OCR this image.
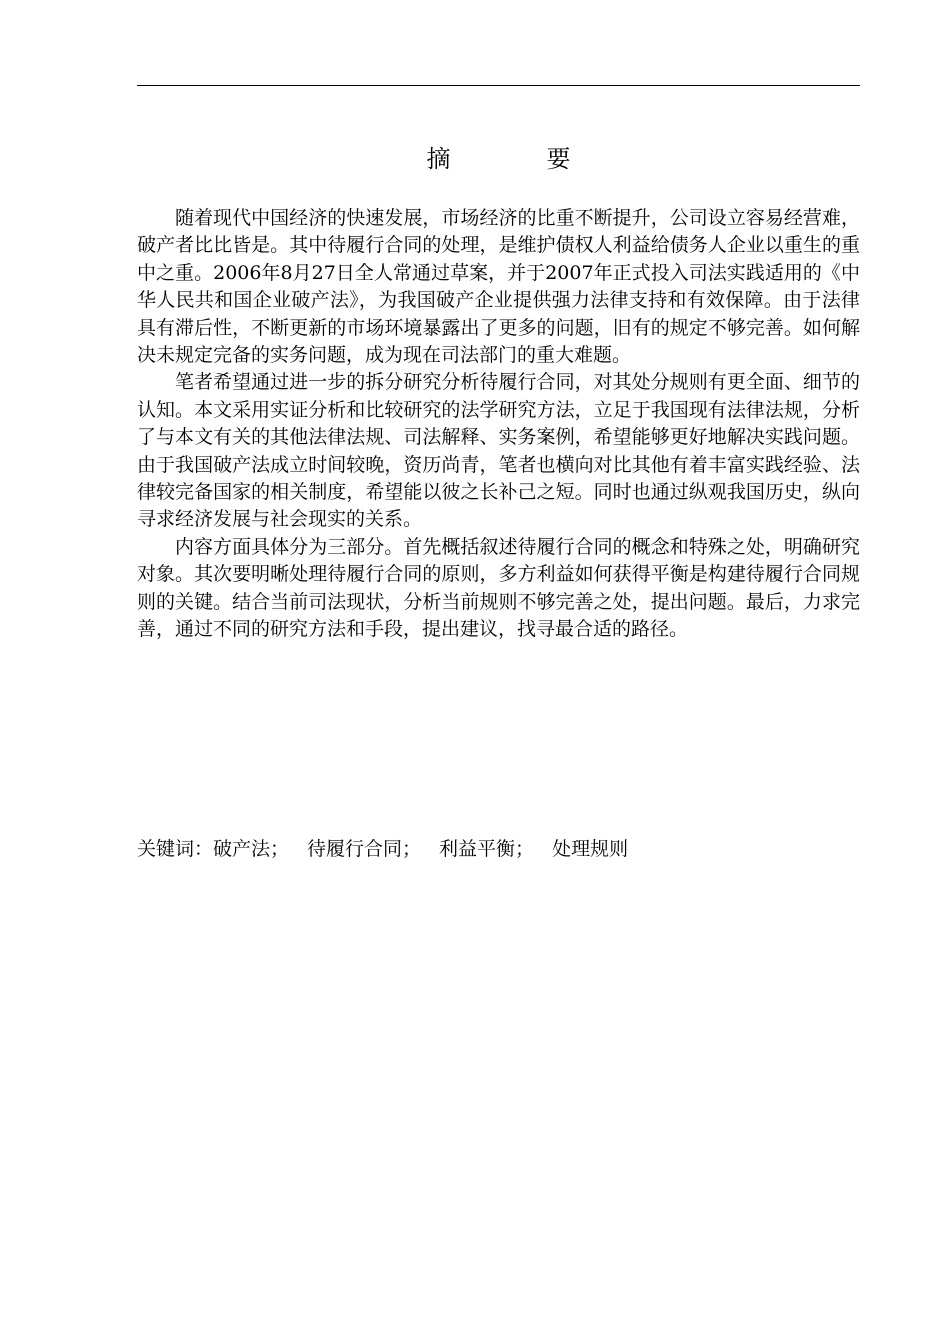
摘　要

随着现代中国经济的快速发展，市场经济的比重不断提升，公司设立容易经营难，破产者比比皆是。其中待履行合同的处理，是维护债权人利益给债务人企业以重生的重中之重。2006年8月27日全人常通过草案，并于2007年正式投入司法实践适用的《中华人民共和国企业破产法》，为我国破产企业提供强力法律支持和有效保障。由于法律具有滞后性，不断更新的市场环境暴露出了更多的问题，旧有的规定不够完善。如何解决未规定完备的实务问题，成为现在司法部门的重大难题。

笔者希望通过进一步的拆分研究分析待履行合同，对其处分规则有更全面、细节的认知。本文采用实证分析和比较研究的法学研究方法，立足于我国现有法律法规，分析了与本文有关的其他法律法规、司法解释、实务案例，希望能够更好地解决实践问题。由于我国破产法成立时间较晚，资历尚青，笔者也横向对比其他有着丰富实践经验、法律较完备国家的相关制度，希望能以彼之长补己之短。同时也通过纵观我国历史，纵向寻求经济发展与社会现实的关系。

内容方面具体分为三部分。首先概括叙述待履行合同的概念和特殊之处，明确研究对象。其次要明晰处理待履行合同的原则，多方利益如何获得平衡是构建待履行合同规则的关键。结合当前司法现状，分析当前规则不够完善之处，提出问题。最后，力求完善，通过不同的研究方法和手段，提出建议，找寻最合适的路径。

关键词：破产法； 待履行合同； 利益平衡； 处理规则
